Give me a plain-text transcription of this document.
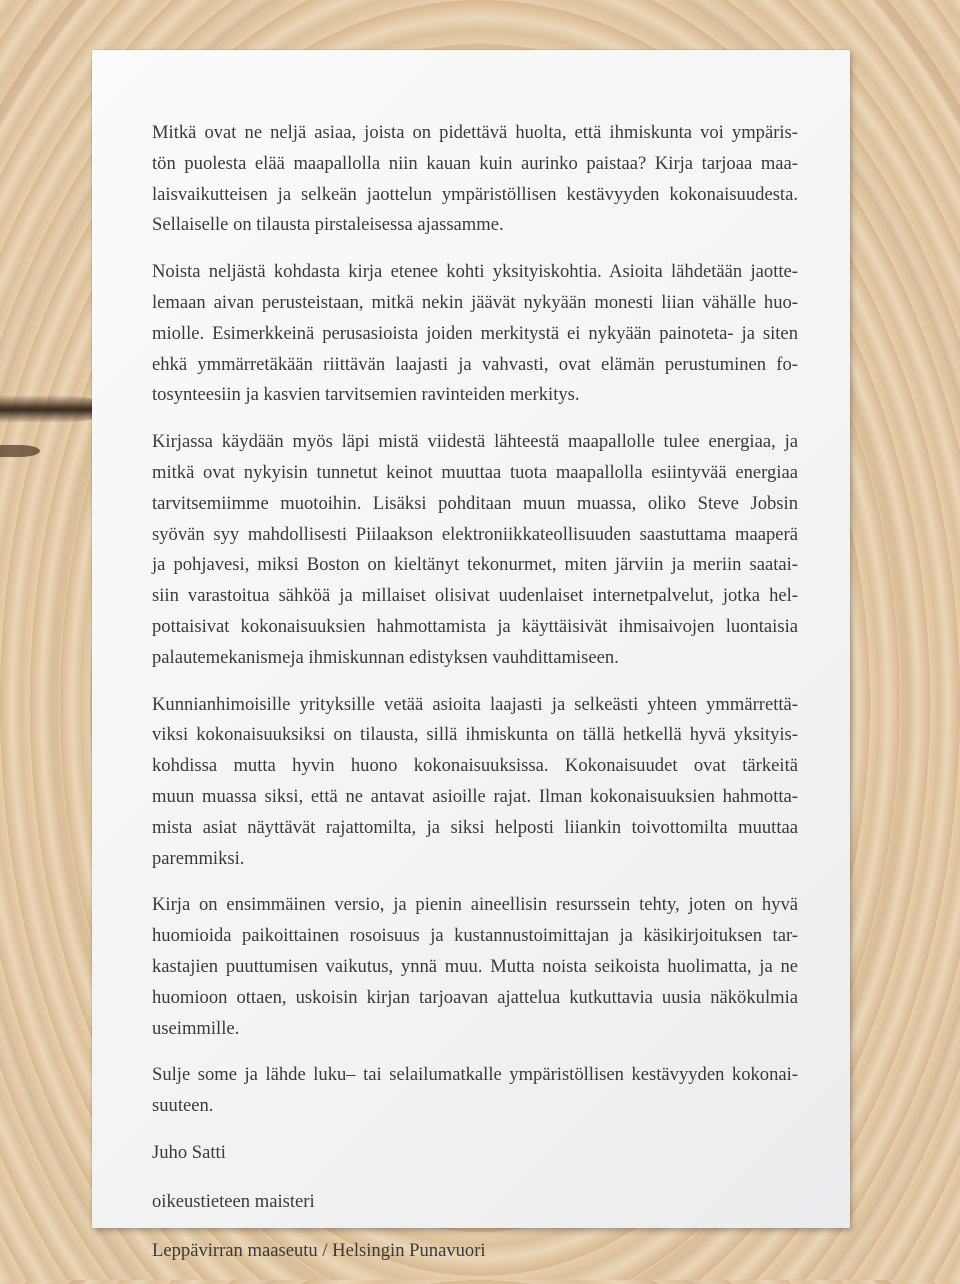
Mitkä ovat ne neljä asiaa, joista on pidettävä huolta, että ihmiskunta voi ympäris-
tön puolesta elää maapallolla niin kauan kuin aurinko paistaa? Kirja tarjoaa maa-
laisvaikutteisen ja selkeän jaottelun ympäristöllisen kestävyyden kokonaisuudesta.
Sellaiselle on tilausta pirstaleisessa ajassamme.

Noista neljästä kohdasta kirja etenee kohti yksityiskohtia. Asioita lähdetään jaotte-
lemaan aivan perusteistaan, mitkä nekin jäävät nykyään monesti liian vähälle huo-
miolle. Esimerkkeinä perusasioista joiden merkitystä ei nykyään painoteta- ja siten
ehkä ymmärretäkään riittävän laajasti ja vahvasti, ovat elämän perustuminen fo-
tosynteesiin ja kasvien tarvitsemien ravinteiden merkitys.

Kirjassa käydään myös läpi mistä viidestä lähteestä maapallolle tulee energiaa, ja
mitkä ovat nykyisin tunnetut keinot muuttaa tuota maapallolla esiintyvää energiaa
tarvitsemiimme muotoihin. Lisäksi pohditaan muun muassa, oliko Steve Jobsin
syövän syy mahdollisesti Piilaakson elektroniikkateollisuuden saastuttama maaperä
ja pohjavesi, miksi Boston on kieltänyt tekonurmet, miten järviin ja meriin saatai-
siin varastoitua sähköä ja millaiset olisivat uudenlaiset internetpalvelut, jotka hel-
pottaisivat kokonaisuuksien hahmottamista ja käyttäisivät ihmisaivojen luontaisia
palautemekanismeja ihmiskunnan edistyksen vauhdittamiseen.

Kunnianhimoisille yrityksille vetää asioita laajasti ja selkeästi yhteen ymmärrettä-
viksi kokonaisuuksiksi on tilausta, sillä ihmiskunta on tällä hetkellä hyvä yksityis-
kohdissa mutta hyvin huono kokonaisuuksissa. Kokonaisuudet ovat tärkeitä
muun muassa siksi, että ne antavat asioille rajat. Ilman kokonaisuuksien hahmotta-
mista asiat näyttävät rajattomilta, ja siksi helposti liiankin toivottomilta muuttaa
paremmiksi.

Kirja on ensimmäinen versio, ja pienin aineellisin resurssein tehty, joten on hyvä
huomioida paikoittainen rosoisuus ja kustannustoimittajan ja käsikirjoituksen tar-
kastajien puuttumisen vaikutus, ynnä muu. Mutta noista seikoista huolimatta, ja ne
huomioon ottaen, uskoisin kirjan tarjoavan ajattelua kutkuttavia uusia näkökulmia
useimmille.

Sulje some ja lähde luku– tai selailumatkalle ympäristöllisen kestävyyden kokonai-
suuteen.

Juho Satti
oikeustieteen maisteri
Leppävirran maaseutu / Helsingin Punavuori
